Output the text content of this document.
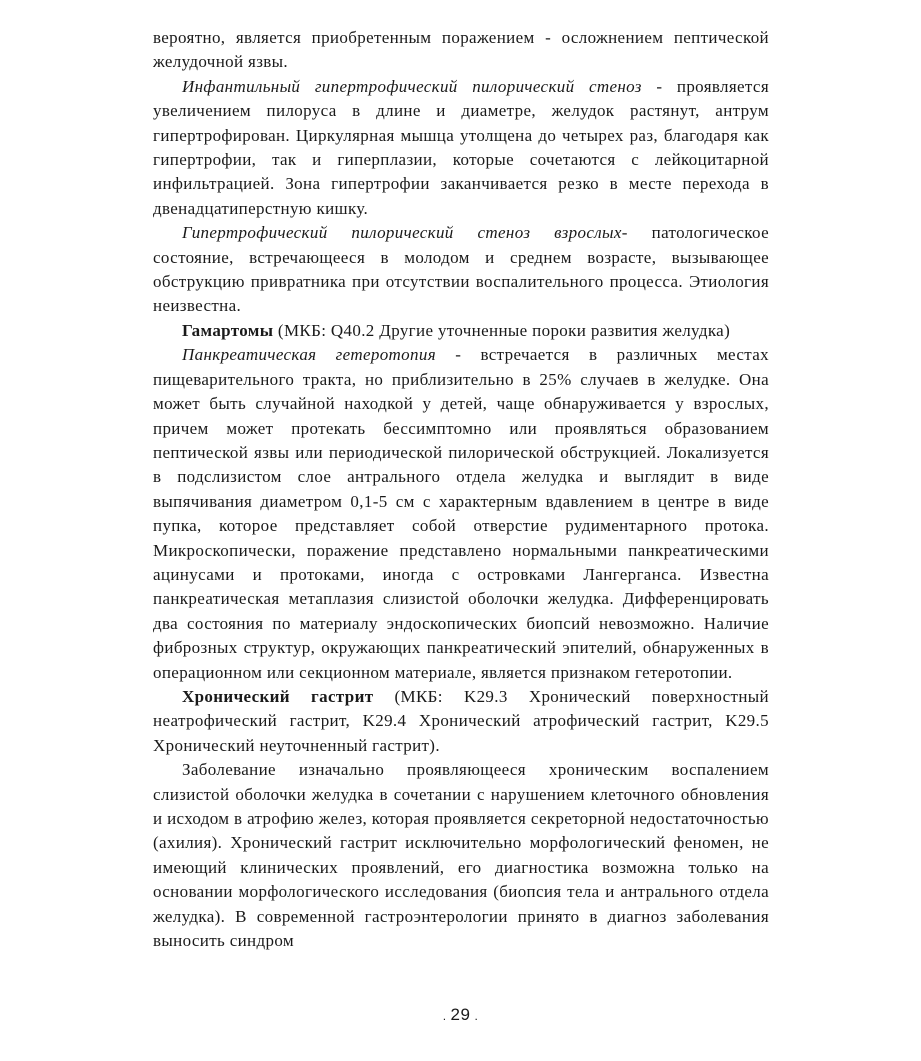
вероятно, является приобретенным поражением - осложнением пептической желудочной язвы.

Инфантильный гипертрофический пилорический стеноз - проявляется увеличением пилоруса в длине и диаметре, желудок растянут, антрум гипертрофирован. Циркулярная мышца утолщена до четырех раз, благодаря как гипертрофии, так и гиперплазии, которые сочетаются с лейкоцитарной инфильтрацией. Зона гипертрофии заканчивается резко в месте перехода в двенадцатиперстную кишку.

Гипертрофический пилорический стеноз взрослых- патологическое состояние, встречающееся в молодом и среднем возрасте, вызывающее обструкцию привратника при отсутствии воспалительного процесса. Этиология неизвестна.

Гамартомы (МКБ: Q40.2 Другие уточненные пороки развития желудка)

Панкреатическая гетеротопия - встречается в различных местах пищеварительного тракта, но приблизительно в 25% случаев в желудке. Она может быть случайной находкой у детей, чаще обнаруживается у взрослых, причем может протекать бессимптомно или проявляться образованием пептической язвы или периодической пилорической обструкцией. Локализуется в подслизистом слое антрального отдела желудка и выглядит в виде выпячивания диаметром 0,1-5 см с характерным вдавлением в центре в виде пупка, которое представляет собой отверстие рудиментарного протока. Микроскопически, поражение представлено нормальными панкреатическими ацинусами и протоками, иногда с островками Лангерганса. Известна панкреатическая метаплазия слизистой оболочки желудка. Дифференцировать два состояния по материалу эндоскопических биопсий невозможно. Наличие фиброзных структур, окружающих панкреатический эпителий, обнаруженных в операционном или секционном материале, является признаком гетеротопии.

Хронический гастрит (МКБ: K29.3 Хронический поверхностный неатрофический гастрит, K29.4 Хронический атрофический гастрит, K29.5 Хронический неуточненный гастрит).

Заболевание изначально проявляющееся хроническим воспалением слизистой оболочки желудка в сочетании с нарушением клеточного обновления и исходом в атрофию желез, которая проявляется секреторной недостаточностью (ахилия). Хронический гастрит исключительно морфологический феномен, не имеющий клинических проявлений, его диагностика возможна только на основании морфологического исследования (биопсия тела и антрального отдела желудка). В современной гастроэнтерологии принято в диагноз заболевания выносить синдром

. 29 .
